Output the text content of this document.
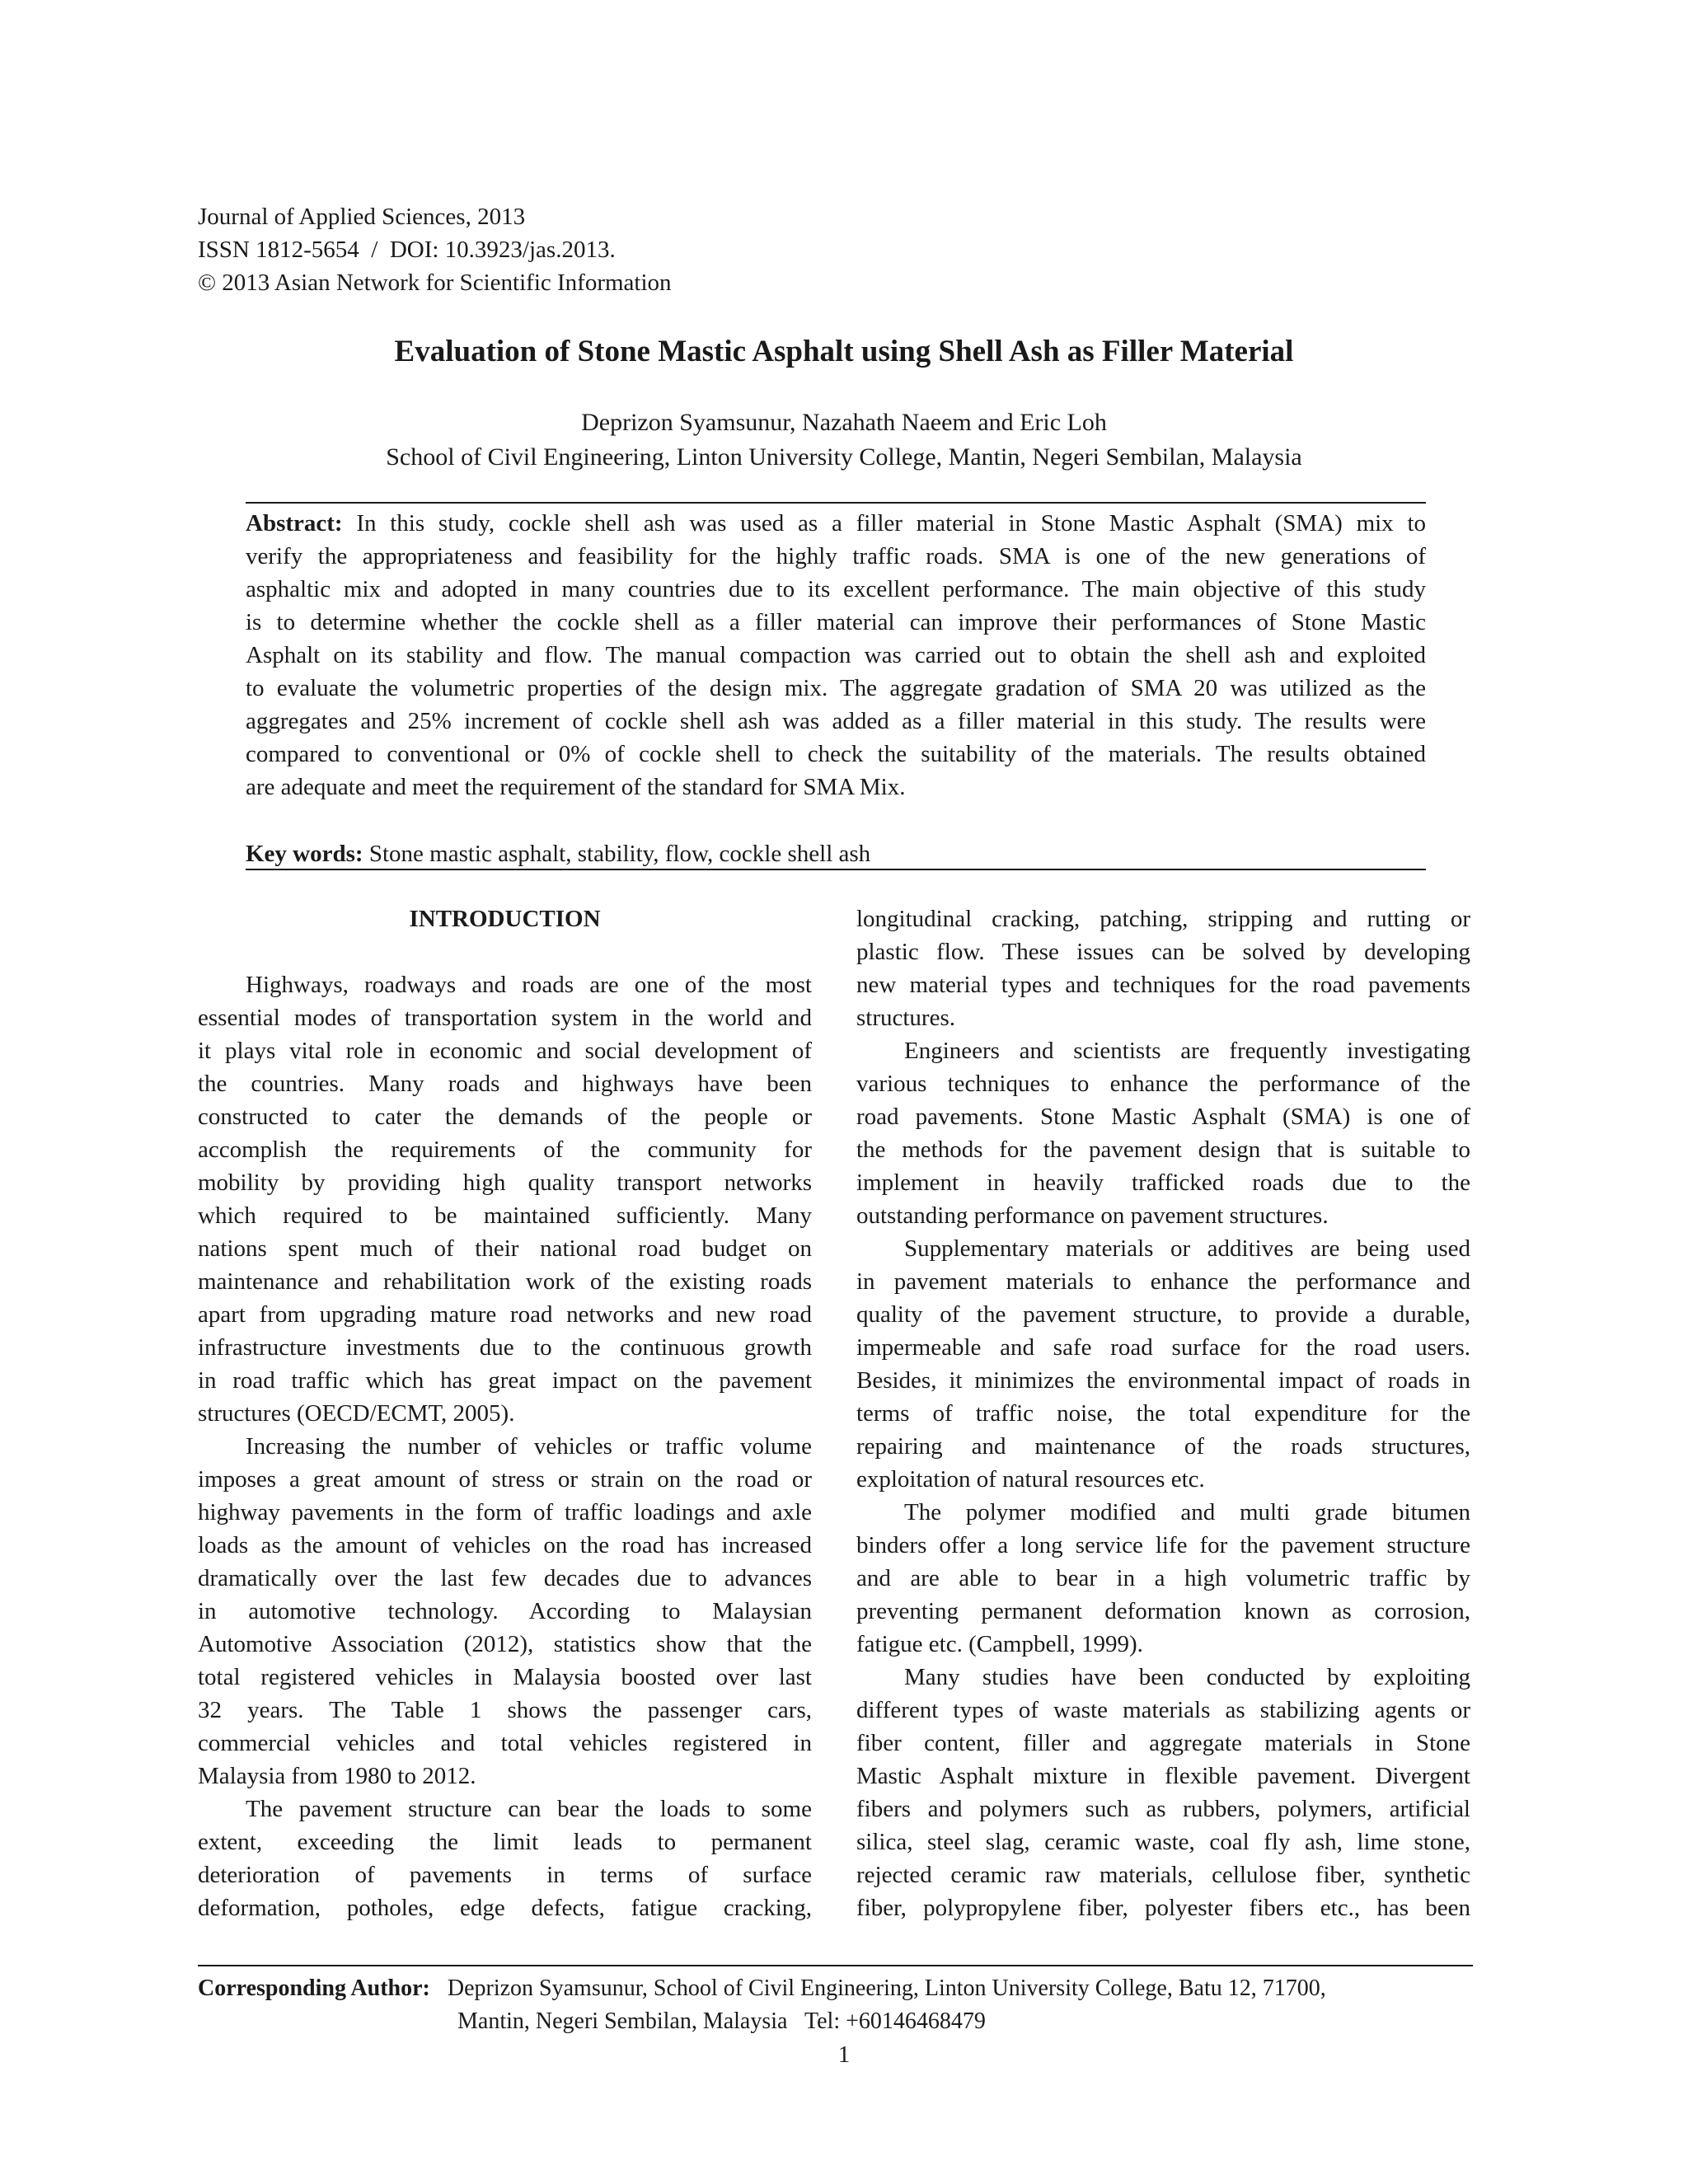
Journal of Applied Sciences, 2013
ISSN 1812-5654  /  DOI: 10.3923/jas.2013.
© 2013 Asian Network for Scientific Information
Evaluation of Stone Mastic Asphalt using Shell Ash as Filler Material
Deprizon Syamsunur, Nazahath Naeem and Eric Loh
School of Civil Engineering, Linton University College, Mantin, Negeri Sembilan, Malaysia
Abstract: In this study, cockle shell ash was used as a filler material in Stone Mastic Asphalt (SMA) mix to
verify the appropriateness and feasibility for the highly traffic roads. SMA is one of the new generations of
asphaltic mix and adopted in many countries due to its excellent performance. The main objective of this study
is to determine whether the cockle shell as a filler material can improve their performances of Stone Mastic
Asphalt on its stability and flow. The manual compaction was carried out to obtain the shell ash and exploited
to evaluate the volumetric properties of the design mix. The aggregate gradation of SMA 20 was utilized as the
aggregates and 25% increment of cockle shell ash was added as a filler material in this study. The results were
compared to conventional or 0% of cockle shell to check the suitability of the materials. The results obtained
are adequate and meet the requirement of the standard for SMA Mix.
Key words: Stone mastic asphalt, stability, flow, cockle shell ash
INTRODUCTION
Highways, roadways and roads are one of the most
essential modes of transportation system in the world and
it plays vital role in economic and social development of
the countries. Many roads and highways have been
constructed to cater the demands of the people or
accomplish the requirements of the community for
mobility by providing high quality transport networks
which required to be maintained sufficiently. Many
nations spent much of their national road budget on
maintenance and rehabilitation work of the existing roads
apart from upgrading mature road networks and new road
infrastructure investments due to the continuous growth
in road traffic which has great impact on the pavement
structures (OECD/ECMT, 2005).
Increasing the number of vehicles or traffic volume
imposes a great amount of stress or strain on the road or
highway pavements in the form of traffic loadings and axle
loads as the amount of vehicles on the road has increased
dramatically over the last few decades due to advances
in automotive technology. According to Malaysian
Automotive Association (2012), statistics show that the
total registered vehicles in Malaysia boosted over last
32 years. The Table 1 shows the passenger cars,
commercial vehicles and total vehicles registered in
Malaysia from 1980 to 2012.
The pavement structure can bear the loads to some
extent, exceeding the limit leads to permanent
deterioration of pavements in terms of surface
deformation, potholes, edge defects, fatigue cracking,
longitudinal cracking, patching, stripping and rutting or
plastic flow. These issues can be solved by developing
new material types and techniques for the road pavements
structures.
Engineers and scientists are frequently investigating
various techniques to enhance the performance of the
road pavements. Stone Mastic Asphalt (SMA) is one of
the methods for the pavement design that is suitable to
implement in heavily trafficked roads due to the
outstanding performance on pavement structures.
Supplementary materials or additives are being used
in pavement materials to enhance the performance and
quality of the pavement structure, to provide a durable,
impermeable and safe road surface for the road users.
Besides, it minimizes the environmental impact of roads in
terms of traffic noise, the total expenditure for the
repairing and maintenance of the roads structures,
exploitation of natural resources etc.
The polymer modified and multi grade bitumen
binders offer a long service life for the pavement structure
and are able to bear in a high volumetric traffic by
preventing permanent deformation known as corrosion,
fatigue etc. (Campbell, 1999).
Many studies have been conducted by exploiting
different types of waste materials as stabilizing agents or
fiber content, filler and aggregate materials in Stone
Mastic Asphalt mixture in flexible pavement. Divergent
fibers and polymers such as rubbers, polymers, artificial
silica, steel slag, ceramic waste, coal fly ash, lime stone,
rejected ceramic raw materials, cellulose fiber, synthetic
fiber, polypropylene fiber, polyester fibers etc., has been
Corresponding Author: Deprizon Syamsunur, School of Civil Engineering, Linton University College, Batu 12, 71700,
Mantin, Negeri Sembilan, Malaysia   Tel: +60146468479
1
